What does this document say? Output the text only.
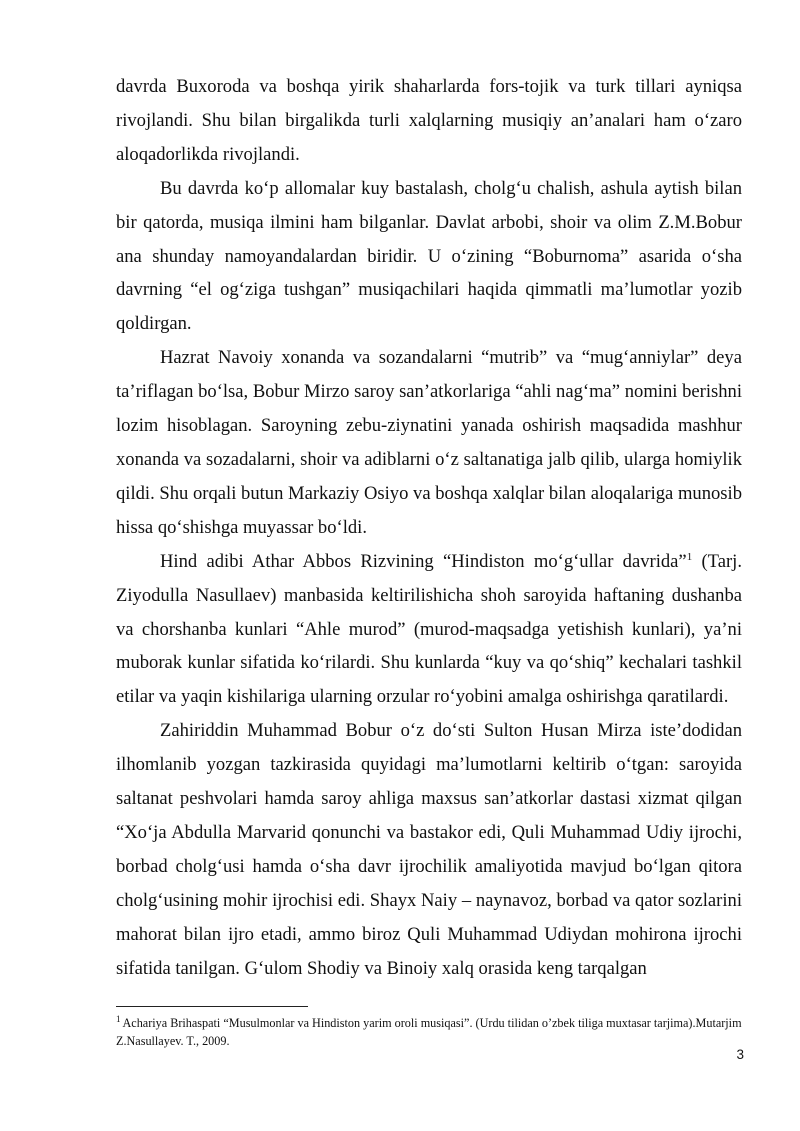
davrda Buxoroda va boshqa yirik shaharlarda fors-tojik va turk tillari ayniqsa rivojlandi. Shu bilan birgalikda turli xalqlarning musiqiy an’analari ham o‘zaro aloqadorlikda rivojlandi.

Bu davrda ko‘p allomalar kuy bastalash, cholg‘u chalish, ashula aytish bilan bir qatorda, musiqa ilmini ham bilganlar. Davlat arbobi, shoir va olim Z.M.Bobur ana shunday namoyandalardan biridir. U o‘zining “Boburnoma” asarida o‘sha davrning “el og‘ziga tushgan” musiqachilari haqida qimmatli ma’lumotlar yozib qoldirgan.

Hazrat Navoiy xonanda va sozandalarni “mutrib” va “mug‘anniylar” deya ta’riflagan bo‘lsa, Bobur Mirzo saroy san’atkorlariga “ahli nag‘ma” nomini berishni lozim hisoblagan. Saroyning zebu-ziynatini yanada oshirish maqsadida mashhur xonanda va sozadalarni, shoir va adiblarni o‘z saltanatiga jalb qilib, ularga homiylik qildi. Shu orqali butun Markaziy Osiyo va boshqa xalqlar bilan aloqalariga munosib hissa qo‘shishga muyassar bo‘ldi.

Hind adibi Athar Abbos Rizvining “Hindiston mo‘g‘ullar davrida”$^1$ (Tarj. Ziyodulla Nasullaev) manbasida keltirilishicha shoh saroyida haftaning dushanba va chorshanba kunlari “Ahle murod” (murod-maqsadga yetishish kunlari), ya’ni muborak kunlar sifatida ko‘rilardi. Shu kunlarda “kuy va qo‘shiq” kechalari tashkil etilar va yaqin kishilariga ularning orzular ro‘yobini amalga oshirishga qaratilardi.

Zahiriddin Muhammad Bobur o‘z do‘sti Sulton Husan Mirza iste’dodidan ilhomlanib yozgan tazkirasida quyidagi ma’lumotlarni keltirib o‘tgan: saroyida saltanat peshvolari hamda saroy ahliga maxsus san’atkorlar dastasi xizmat qilgan “Xo‘ja Abdulla Marvarid qonunchi va bastakor edi, Quli Muhammad Udiy ijrochi, borbad cholg‘usi hamda o‘sha davr ijrochilik amaliyotida mavjud bo‘lgan qitora cholg‘usining mohir ijrochisi edi. Shayx Naiy – naynavoz, borbad va qator sozlarini mahorat bilan ijro etadi, ammo biroz Quli Muhammad Udiydan mohirona ijrochi sifatida tanilgan. G‘ulom Shodiy va Binoiy xalq orasida keng tarqalgan

$^1$ Achariya Brihaspati “Musulmonlar va Hindiston yarim oroli musiqasi”. (Urdu tilidan o’zbek tiliga muxtasar tarjima).Mutarjim Z.Nasullayev. T., 2009.

3
